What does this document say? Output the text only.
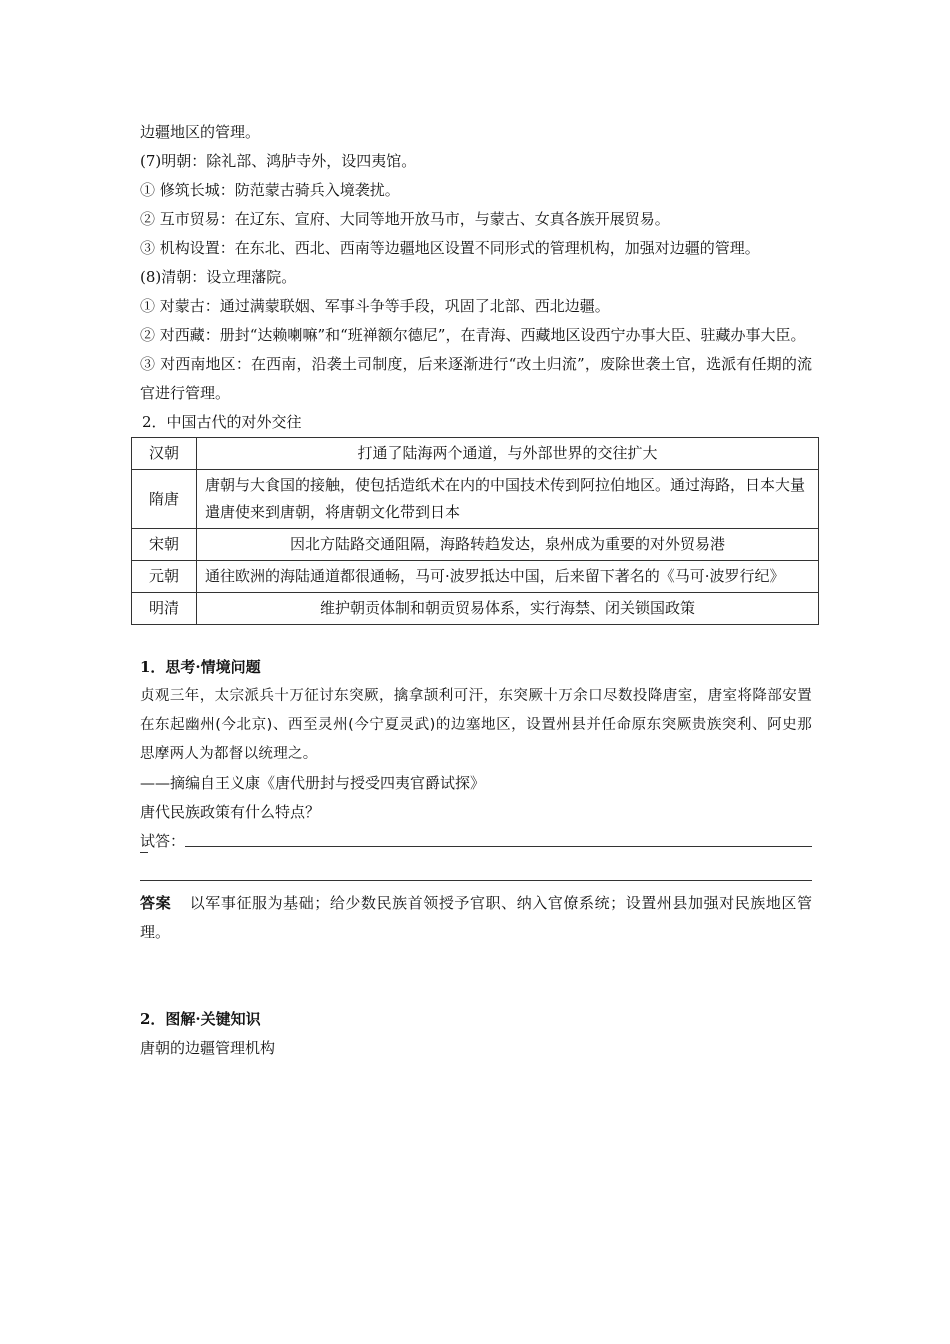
边疆地区的管理。

(7)明朝：除礼部、鸿胪寺外，设四夷馆。

① 修筑长城：防范蒙古骑兵入境袭扰。

② 互市贸易：在辽东、宣府、大同等地开放马市，与蒙古、女真各族开展贸易。

③ 机构设置：在东北、西北、西南等边疆地区设置不同形式的管理机构，加强对边疆的管理。

(8)清朝：设立理藩院。

① 对蒙古：通过满蒙联姻、军事斗争等手段，巩固了北部、西北边疆。

② 对西藏：册封“达赖喇嘛”和“班禅额尔德尼”，在青海、西藏地区设西宁办事大臣、驻藏办事大臣。

③ 对西南地区：在西南，沿袭土司制度，后来逐渐进行“改土归流”，废除世袭土官，选派有任期的流官进行管理。

2．中国古代的对外交往

汉朝	打通了陆海两个通道，与外部世界的交往扩大
隋唐	唐朝与大食国的接触，使包括造纸术在内的中国技术传到阿拉伯地区。通过海路，日本大量遣唐使来到唐朝，将唐朝文化带到日本
宋朝	因北方陆路交通阻隔，海路转趋发达，泉州成为重要的对外贸易港
元朝	通往欧洲的海陆通道都很通畅，马可·波罗抵达中国，后来留下著名的《马可·波罗行纪》
明清	维护朝贡体制和朝贡贸易体系，实行海禁、闭关锁国政策

1．思考·情境问题

贞观三年，太宗派兵十万征讨东突厥，擒拿颉利可汗，东突厥十万余口尽数投降唐室，唐室将降部安置在东起幽州(今北京)、西至灵州(今宁夏灵武)的边塞地区，设置州县并任命原东突厥贵族突利、阿史那思摩两人为都督以统理之。

——摘编自王义康《唐代册封与授受四夷官爵试探》

唐代民族政策有什么特点？

试答：

答案 以军事征服为基础；给少数民族首领授予官职、纳入官僚系统；设置州县加强对民族地区管理。

2．图解·关键知识

唐朝的边疆管理机构
